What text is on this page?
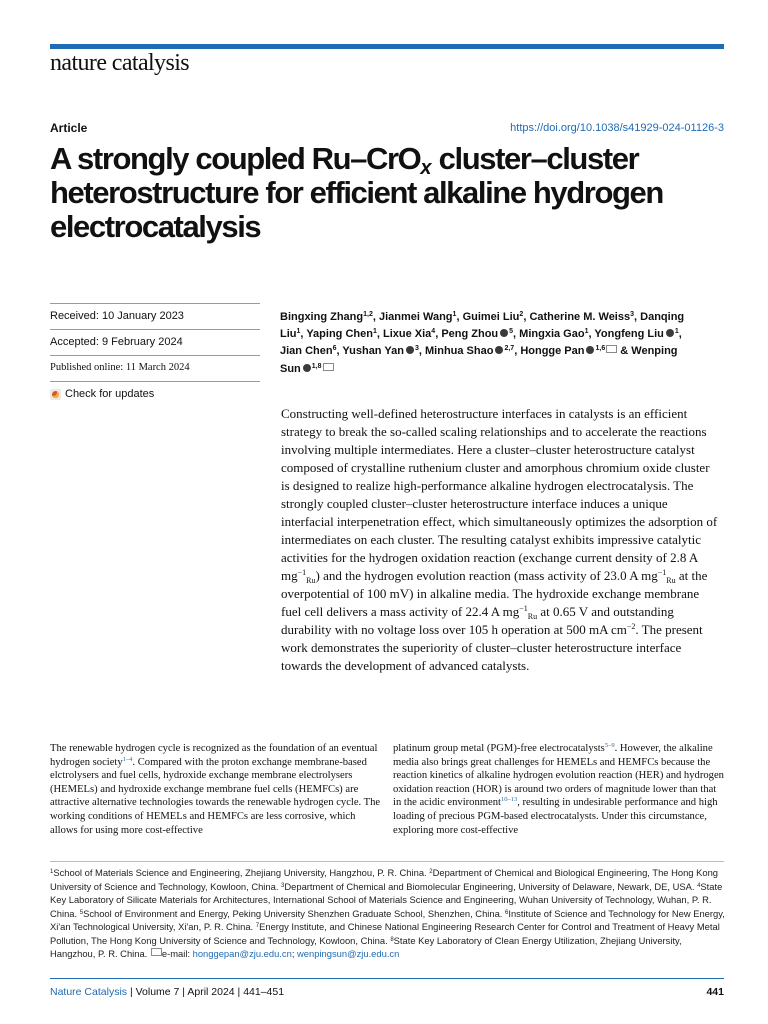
nature catalysis
Article	https://doi.org/10.1038/s41929-024-01126-3
A strongly coupled Ru–CrO$_x$ cluster–cluster heterostructure for efficient alkaline hydrogen electrocatalysis
Received: 10 January 2023
Accepted: 9 February 2024
Published online: 11 March 2024
Check for updates
Bingxing Zhang$^{1,2}$, Jianmei Wang$^1$, Guimei Liu$^2$, Catherine M. Weiss$^3$, Danqing Liu$^1$, Yaping Chen$^1$, Lixue Xia$^4$, Peng Zhou $^5$, Mingxia Gao$^1$, Yongfeng Liu $^1$, Jian Chen$^6$, Yushan Yan $^3$, Minhua Shao $^{2,7}$, Hongge Pan $^{1,6}$ & Wenping Sun $^{1,8}$

Constructing well-defined heterostructure interfaces in catalysts is an efficient strategy to break the so-called scaling relationships and to accelerate the reactions involving multiple intermediates. Here a cluster–cluster heterostructure catalyst composed of crystalline ruthenium cluster and amorphous chromium oxide cluster is designed to realize high-performance alkaline hydrogen electrocatalysis. The strongly coupled cluster–cluster heterostructure interface induces a unique interfacial interpenetration effect, which simultaneously optimizes the adsorption of intermediates on each cluster. The resulting catalyst exhibits impressive catalytic activities for the hydrogen oxidation reaction (exchange current density of 2.8 A $mg^{-1}_{Ru}$) and the hydrogen evolution reaction (mass activity of 23.0 A $mg^{-1}_{Ru}$ at the overpotential of 100 mV) in alkaline media. The hydroxide exchange membrane fuel cell delivers a mass activity of 22.4 A $mg^{-1}_{Ru}$ at 0.65 V and outstanding durability with no voltage loss over 105 h operation at 500 mA $cm^{-2}$. The present work demonstrates the superiority of cluster–cluster heterostructure interface towards the development of advanced catalysts.

The renewable hydrogen cycle is recognized as the foundation of an eventual hydrogen society$^{1-4}$. Compared with the proton exchange membrane-based elctrolysers and fuel cells, hydroxide exchange membrane electrolysers (HEMELs) and hydroxide exchange membrane fuel cells (HEMFCs) are attractive alternative technologies towards the renewable hydrogen cycle. The working conditions of HEMELs and HEMFCs are less corrosive, which allows for using more cost-effective

platinum group metal (PGM)-free electrocatalysts$^{5-9}$. However, the alkaline media also brings great challenges for HEMELs and HEMFCs because the reaction kinetics of alkaline hydrogen evolution reaction (HER) and hydrogen oxidation reaction (HOR) is around two orders of magnitude lower than that in the acidic environment$^{10-13}$, resulting in undesirable performance and high loading of precious PGM-based electrocatalysts. Under this circumstance, exploring more cost-effective

$^1$School of Materials Science and Engineering, Zhejiang University, Hangzhou, P. R. China. $^2$Department of Chemical and Biological Engineering, The Hong Kong University of Science and Technology, Kowloon, China. $^3$Department of Chemical and Biomolecular Engineering, University of Delaware, Newark, DE, USA. $^4$State Key Laboratory of Silicate Materials for Architectures, International School of Materials Science and Engineering, Wuhan University of Technology, Wuhan, P. R. China. $^5$School of Environment and Energy, Peking University Shenzhen Graduate School, Shenzhen, China. $^6$Institute of Science and Technology for New Energy, Xi'an Technological University, Xi'an, P. R. China. $^7$Energy Institute, and Chinese National Engineering Research Center for Control and Treatment of Heavy Metal Pollution, The Hong Kong University of Science and Technology, Kowloon, China. $^8$State Key Laboratory of Clean Energy Utilization, Zhejiang University, Hangzhou, P. R. China. e-mail: honggepan@zju.edu.cn; wenpingsun@zju.edu.cn

Nature Catalysis | Volume 7 | April 2024 | 441–451	441
